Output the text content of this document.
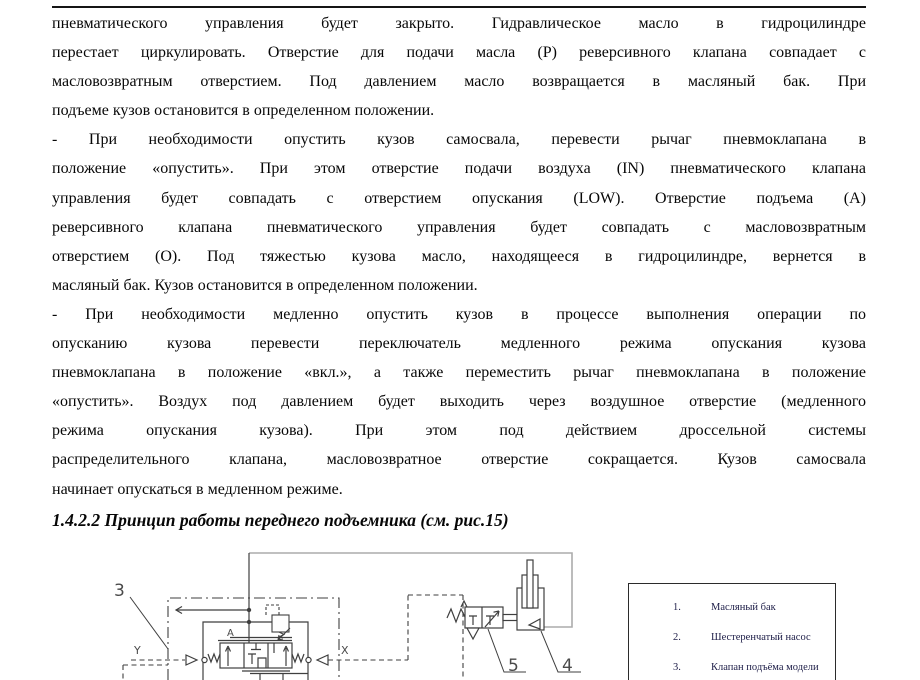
пневматического управления будет закрыто. Гидравлическое масло в гидроцилиндре
перестает циркулировать. Отверстие для подачи масла (Р) реверсивного клапана совпадает с
масловозвратным отверстием. Под давлением масло возвращается в масляный бак. При
подъеме кузов остановится в определенном положении.
- При необходимости опустить кузов самосвала, перевести рычаг пневмоклапана в
положение «опустить». При этом отверстие подачи воздуха (IN) пневматического клапана
управления будет совпадать с отверстием опускания (LOW). Отверстие подъема (А)
реверсивного клапана пневматического управления будет совпадать с масловозвратным
отверстием (О). Под тяжестью кузова масло, находящееся в гидроцилиндре, вернется в
масляный бак. Кузов остановится в определенном положении.
- При необходимости медленно опустить кузов в процессе выполнения операции по
опусканию кузова перевести переключатель медленного режима опускания кузова
пневмоклапана в положение «вкл.», а также переместить рычаг пневмоклапана в положение
«опустить». Воздух под давлением будет выходить через воздушное отверстие (медленного
режима опускания кузова). При этом под действием дроссельной системы
распределительного клапана, масловозвратное отверстие сокращается. Кузов самосвала
начинает опускаться в медленном режиме.
1.4.2.2 Принцип работы переднего подъемника (см. рис.15)
3
5	4
A
Y	X
1.	Масляный бак
2.	Шестеренчатый насос
3.	Клапан подъёма модели
